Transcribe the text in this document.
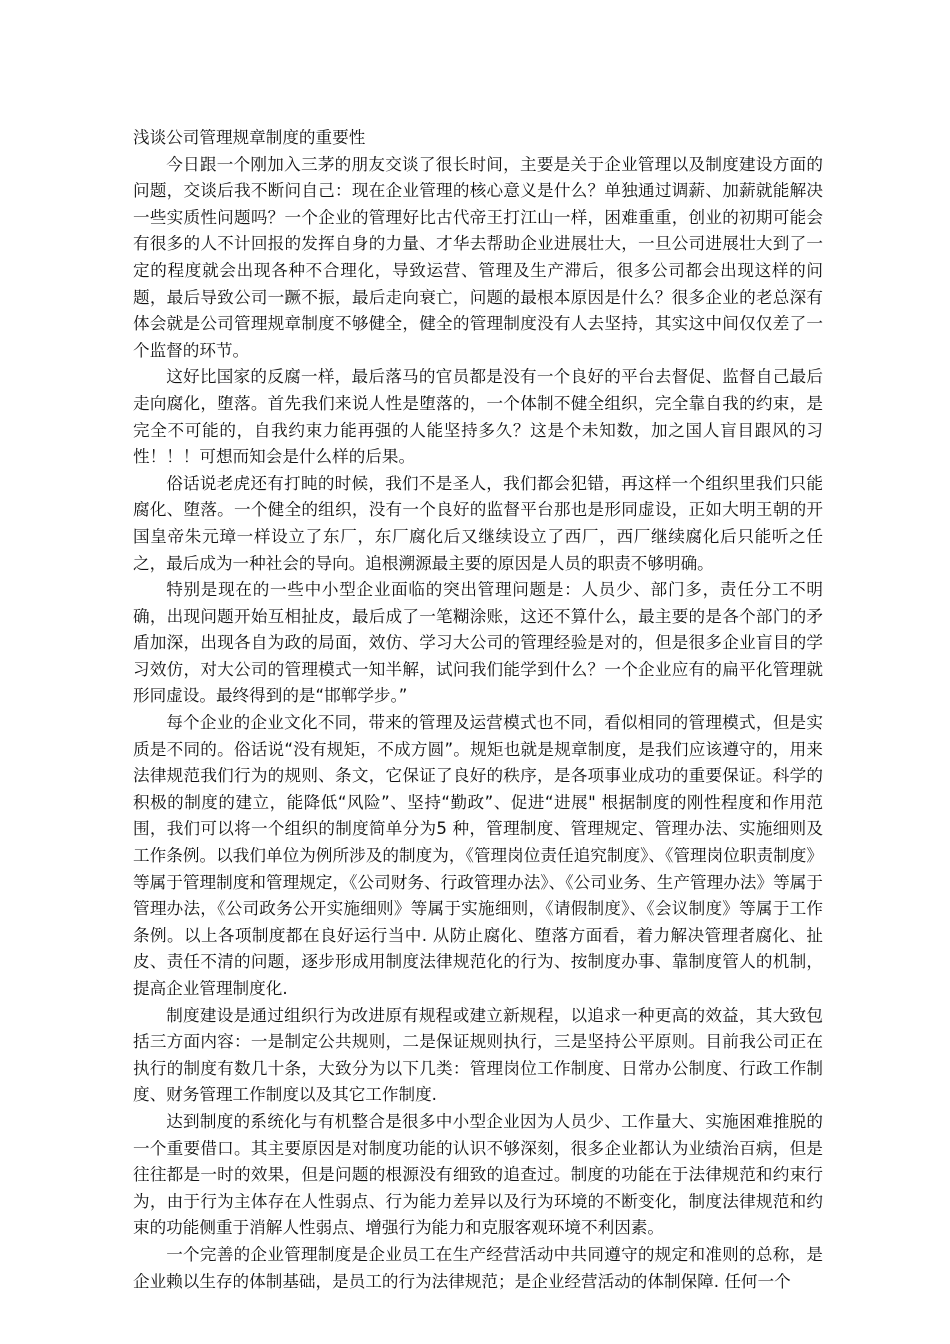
浅谈公司管理规章制度的重要性

今日跟一个刚加入三茅的朋友交谈了很长时间，主要是关于企业管理以及制度建设方面的问题，交谈后我不断问自己：现在企业管理的核心意义是什么？单独通过调薪、加薪就能解决一些实质性问题吗？一个企业的管理好比古代帝王打江山一样，困难重重，创业的初期可能会有很多的人不计回报的发挥自身的力量、才华去帮助企业进展壮大，一旦公司进展壮大到了一定的程度就会出现各种不合理化，导致运营、管理及生产滞后，很多公司都会出现这样的问题，最后导致公司一蹶不振，最后走向衰亡，问题的最根本原因是什么？很多企业的老总深有体会就是公司管理规章制度不够健全，健全的管理制度没有人去坚持，其实这中间仅仅差了一个监督的环节。

这好比国家的反腐一样，最后落马的官员都是没有一个良好的平台去督促、监督自己最后走向腐化，堕落。首先我们来说人性是堕落的，一个体制不健全组织，完全靠自我的约束，是完全不可能的，自我约束力能再强的人能坚持多久？这是个未知数，加之国人盲目跟风的习性！！！可想而知会是什么样的后果。

俗话说老虎还有打盹的时候，我们不是圣人，我们都会犯错，再这样一个组织里我们只能腐化、堕落。一个健全的组织，没有一个良好的监督平台那也是形同虚设，正如大明王朝的开国皇帝朱元璋一样设立了东厂，东厂腐化后又继续设立了西厂，西厂继续腐化后只能听之任之，最后成为一种社会的导向。追根溯源最主要的原因是人员的职责不够明确。

特别是现在的一些中小型企业面临的突出管理问题是：人员少、部门多，责任分工不明确，出现问题开始互相扯皮，最后成了一笔糊涂账，这还不算什么，最主要的是各个部门的矛盾加深，出现各自为政的局面，效仿、学习大公司的管理经验是对的，但是很多企业盲目的学习效仿，对大公司的管理模式一知半解，试问我们能学到什么？一个企业应有的扁平化管理就形同虚设。最终得到的是“邯郸学步。”

每个企业的企业文化不同，带来的管理及运营模式也不同，看似相同的管理模式，但是实质是不同的。俗话说“没有规矩，不成方圆”。规矩也就是规章制度，是我们应该遵守的，用来法律规范我们行为的规则、条文，它保证了良好的秩序，是各项事业成功的重要保证。科学的积极的制度的建立，能降低“风险”、坚持“勤政”、促进“进展" 根据制度的刚性程度和作用范围，我们可以将一个组织的制度简单分为5 种，管理制度、管理规定、管理办法、实施细则及工作条例。以我们单位为例所涉及的制度为，《管理岗位责任追究制度》、《管理岗位职责制度》等属于管理制度和管理规定，《公司财务、行政管理办法》、《公司业务、生产管理办法》等属于管理办法，《公司政务公开实施细则》等属于实施细则，《请假制度》、《会议制度》等属于工作条例。以上各项制度都在良好运行当中. 从防止腐化、堕落方面看，着力解决管理者腐化、扯皮、责任不清的问题，逐步形成用制度法律规范化的行为、按制度办事、靠制度管人的机制，提高企业管理制度化.

制度建设是通过组织行为改进原有规程或建立新规程，以追求一种更高的效益，其大致包括三方面内容：一是制定公共规则，二是保证规则执行，三是坚持公平原则。目前我公司正在执行的制度有数几十条，大致分为以下几类：管理岗位工作制度、日常办公制度、行政工作制度、财务管理工作制度以及其它工作制度.

达到制度的系统化与有机整合是很多中小型企业因为人员少、工作量大、实施困难推脱的一个重要借口。其主要原因是对制度功能的认识不够深刻，很多企业都认为业绩治百病，但是往往都是一时的效果，但是问题的根源没有细致的追查过。制度的功能在于法律规范和约束行为，由于行为主体存在人性弱点、行为能力差异以及行为环境的不断变化，制度法律规范和约束的功能侧重于消解人性弱点、增强行为能力和克服客观环境不利因素。

一个完善的企业管理制度是企业员工在生产经营活动中共同遵守的规定和准则的总称，是企业赖以生存的体制基础，是员工的行为法律规范；是企业经营活动的体制保障. 任何一个
